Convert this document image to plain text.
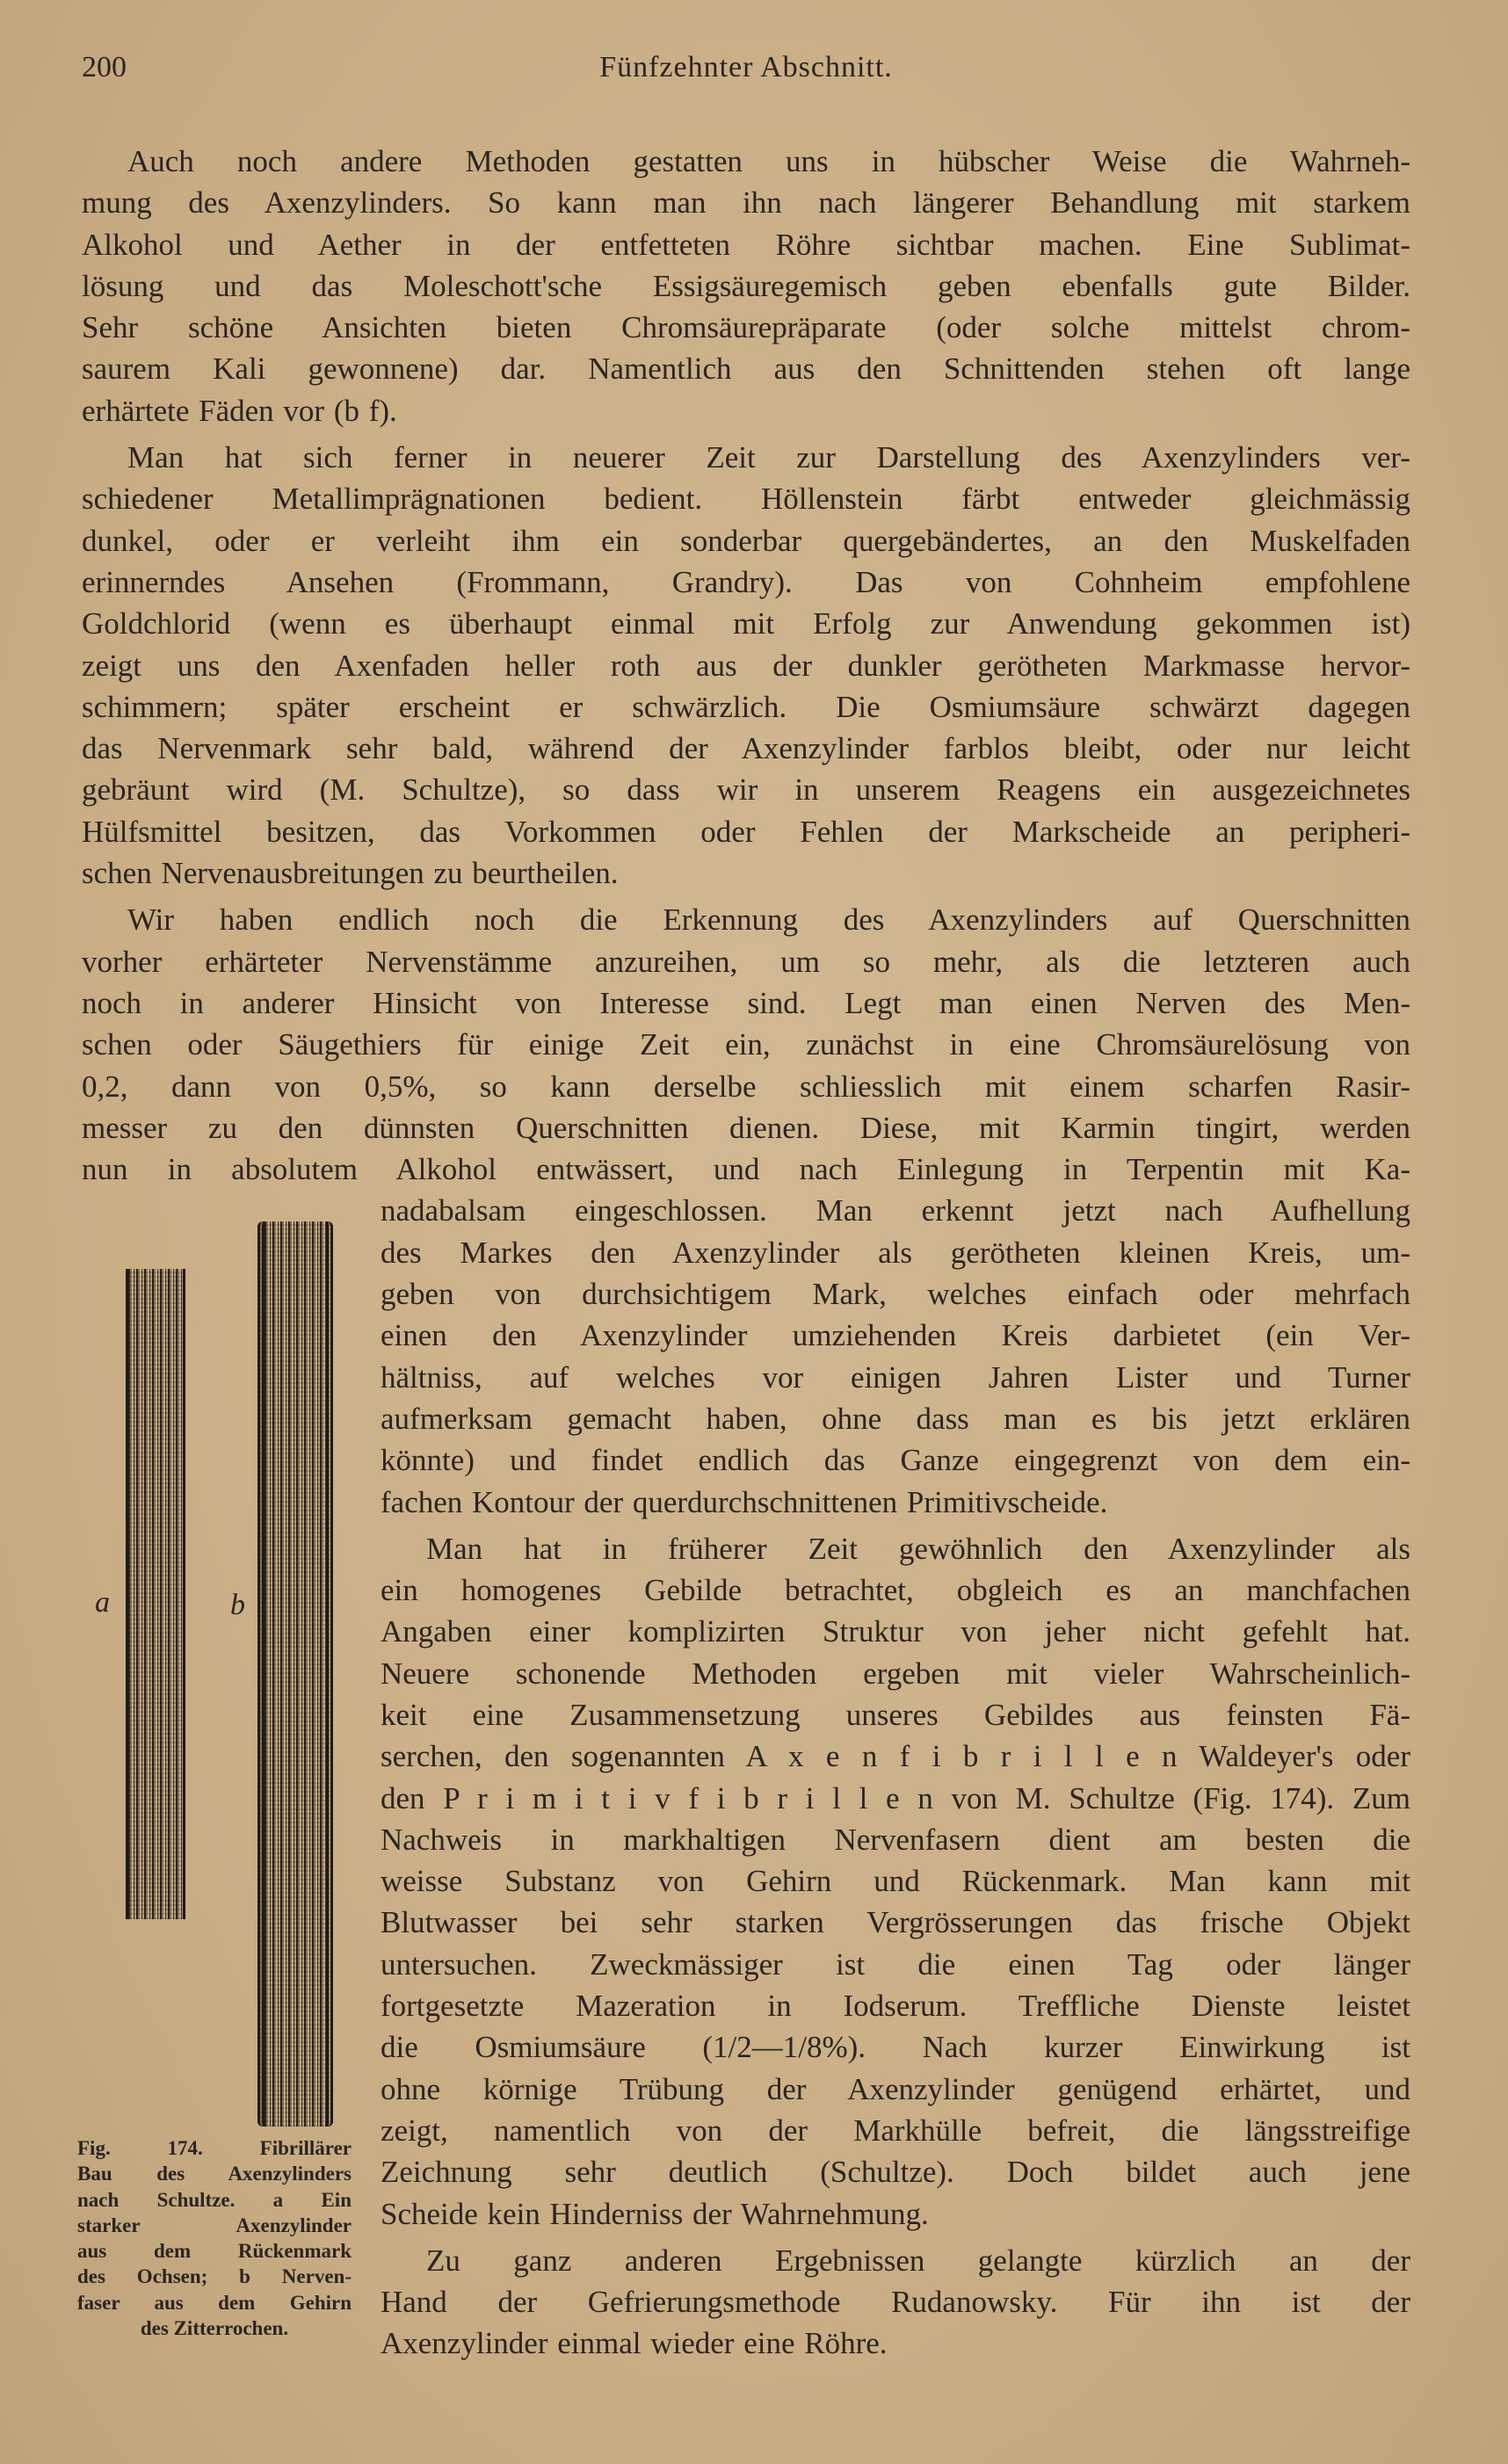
200	Fünfzehnter Abschnitt.
Auch noch andere Methoden gestatten uns in hübscher Weise die Wahrneh-
mung des Axenzylinders. So kann man ihn nach längerer Behandlung mit starkem
Alkohol und Aether in der entfetteten Röhre sichtbar machen. Eine Sublimat-
lösung und das Moleschott'sche Essigsäuregemisch geben ebenfalls gute Bilder.
Sehr schöne Ansichten bieten Chromsäurepräparate (oder solche mittelst chrom-
saurem Kali gewonnene) dar. Namentlich aus den Schnittenden stehen oft lange
erhärtete Fäden vor (b f).
Man hat sich ferner in neuerer Zeit zur Darstellung des Axenzylinders ver-
schiedener Metallimprägnationen bedient. Höllenstein färbt entweder gleichmässig
dunkel, oder er verleiht ihm ein sonderbar quergebändertes, an den Muskelfaden
erinnerndes Ansehen (Frommann, Grandry). Das von Cohnheim empfohlene
Goldchlorid (wenn es überhaupt einmal mit Erfolg zur Anwendung gekommen ist)
zeigt uns den Axenfaden heller roth aus der dunkler gerötheten Markmasse hervor-
schimmern; später erscheint er schwärzlich. Die Osmiumsäure schwärzt dagegen
das Nervenmark sehr bald, während der Axenzylinder farblos bleibt, oder nur leicht
gebräunt wird (M. Schultze), so dass wir in unserem Reagens ein ausgezeichnetes
Hülfsmittel besitzen, das Vorkommen oder Fehlen der Markscheide an peripheri-
schen Nervenausbreitungen zu beurtheilen.
Wir haben endlich noch die Erkennung des Axenzylinders auf Querschnitten
vorher erhärteter Nervenstämme anzureihen, um so mehr, als die letzteren auch
noch in anderer Hinsicht von Interesse sind. Legt man einen Nerven des Men-
schen oder Säugethiers für einige Zeit ein, zunächst in eine Chromsäurelösung von
0,2, dann von 0,5%, so kann derselbe schliesslich mit einem scharfen Rasir-
messer zu den dünnsten Querschnitten dienen. Diese, mit Karmin tingirt, werden
nun in absolutem Alkohol entwässert, und nach Einlegung in Terpentin mit Ka-
nadabalsam eingeschlossen. Man erkennt jetzt nach Aufhellung
des Markes den Axenzylinder als gerötheten kleinen Kreis, um-
geben von durchsichtigem Mark, welches einfach oder mehrfach
einen den Axenzylinder umziehenden Kreis darbietet (ein Ver-
hältniss, auf welches vor einigen Jahren Lister und Turner
aufmerksam gemacht haben, ohne dass man es bis jetzt erklären
könnte) und findet endlich das Ganze eingegrenzt von dem ein-
fachen Kontour der querdurchschnittenen Primitivscheide.
Man hat in früherer Zeit gewöhnlich den Axenzylinder als
ein homogenes Gebilde betrachtet, obgleich es an manchfachen
Angaben einer komplizirten Struktur von jeher nicht gefehlt hat.
Neuere schonende Methoden ergeben mit vieler Wahrscheinlich-
keit eine Zusammensetzung unseres Gebildes aus feinsten Fä-
serchen, den sogenannten A x e n f i b r i l l e n Waldeyer's oder
den P r i m i t i v f i b r i l l e n von M. Schultze (Fig. 174). Zum
Nachweis in markhaltigen Nervenfasern dient am besten die
weisse Substanz von Gehirn und Rückenmark. Man kann mit
Blutwasser bei sehr starken Vergrösserungen das frische Objekt
untersuchen. Zweckmässiger ist die einen Tag oder länger
fortgesetzte Mazeration in Iodserum. Treffliche Dienste leistet
die Osmiumsäure (1/2—1/8%). Nach kurzer Einwirkung ist
ohne körnige Trübung der Axenzylinder genügend erhärtet, und
zeigt, namentlich von der Markhülle befreit, die längsstreifige
Zeichnung sehr deutlich (Schultze). Doch bildet auch jene
Scheide kein Hinderniss der Wahrnehmung.
Zu ganz anderen Ergebnissen gelangte kürzlich an der
Hand der Gefrierungsmethode Rudanowsky. Für ihn ist der
Axenzylinder einmal wieder eine Röhre.
a	b
Fig. 174. Fibrillärer
Bau des Axenzylinders
nach Schultze. a Ein
starker Axenzylinder
aus dem Rückenmark
des Ochsen; b Nerven-
faser aus dem Gehirn
des Zitterrochen.
